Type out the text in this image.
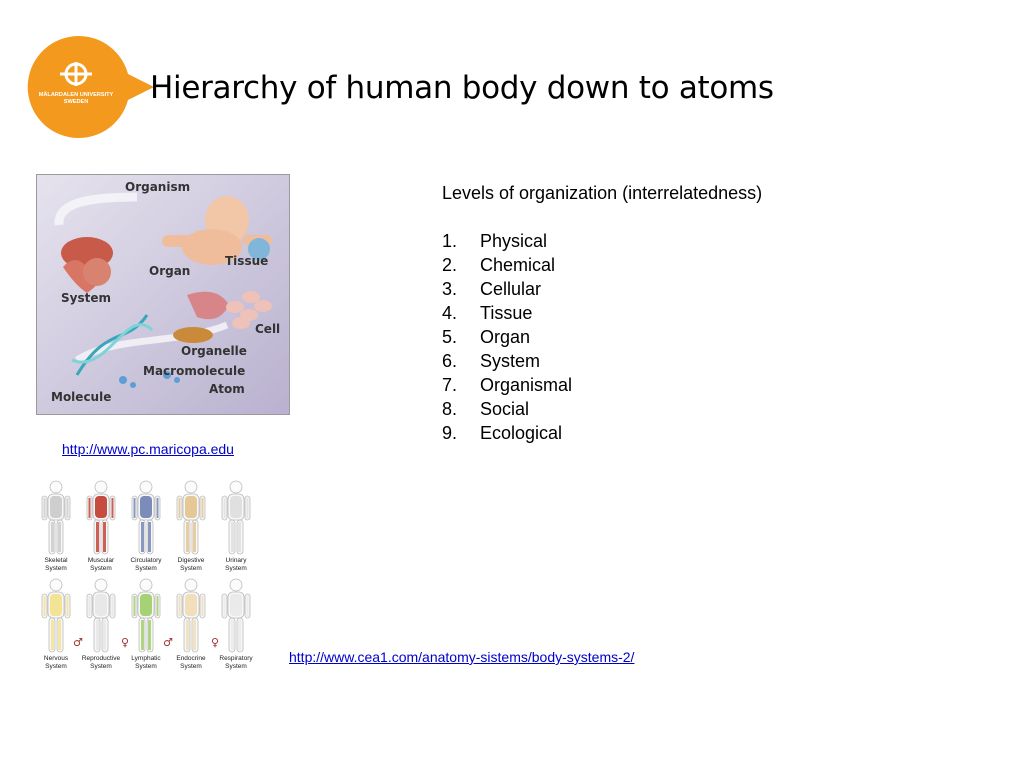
MÄLARDALEN UNIVERSITY
SWEDEN Hierarchy of human body down to atoms
Organism
Tissue
Organ
System
Cell
Organelle
Macromolecule
Atom
Molecule
http://www.pc.maricopa.edu

Levels of organization (interrelatedness)

1.	Physical
2.	Chemical
3.	Cellular
4.	Tissue
5.	Organ
6.	System
7.	Organismal
8.	Social
9.	Ecological
Skeletal
System
Muscular
System
Circulatory
System
Digestive
System
Urinary
System
Nervous
System
Reproductive
System
♂	♀
Lymphatic
System
Endocrine
System
♂	♀
Respiratory
System
http://www.cea1.com/anatomy-sistems/body-systems-2/
